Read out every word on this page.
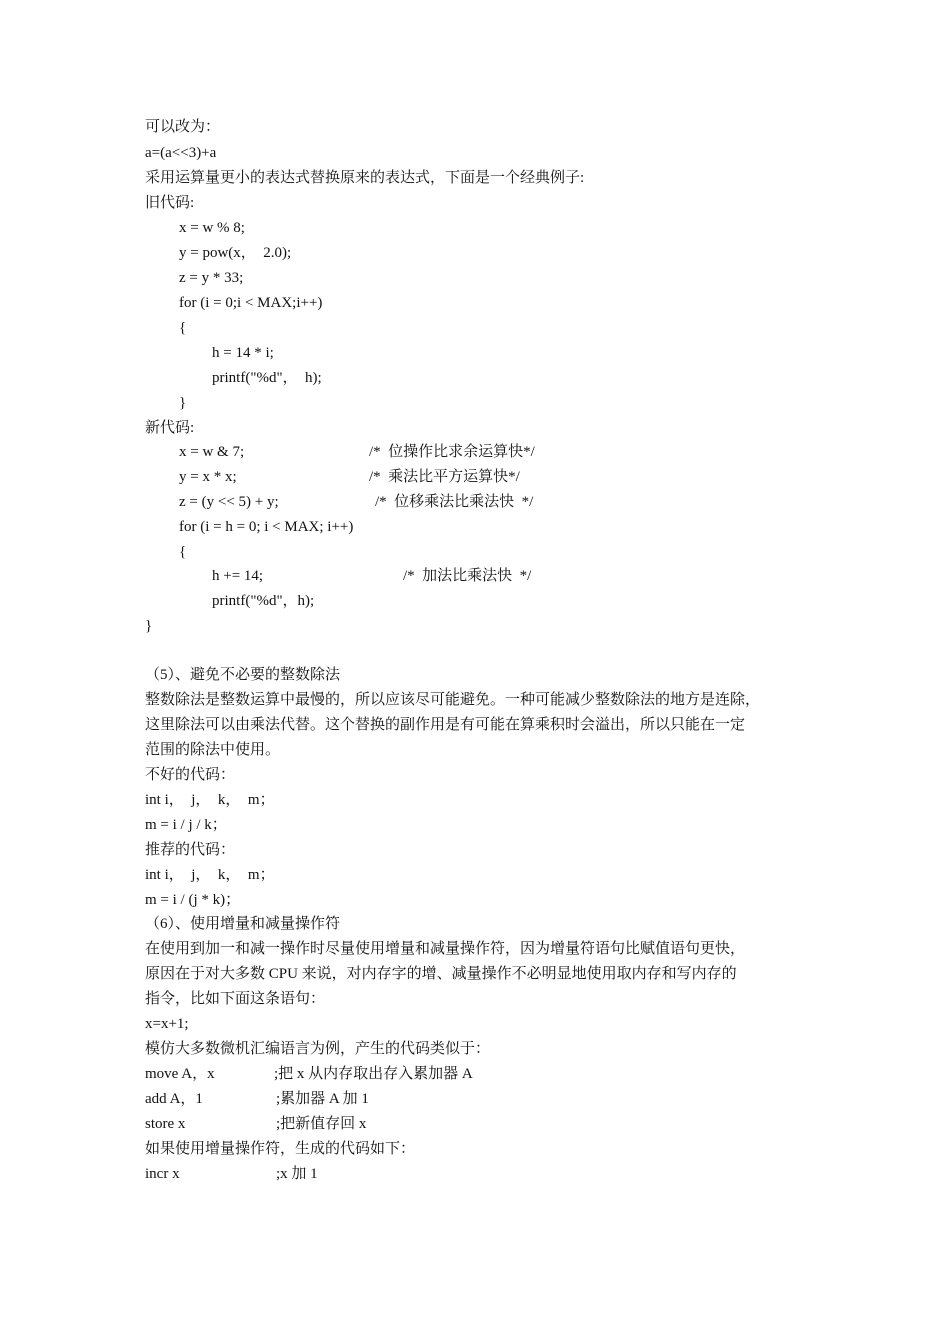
可以改为：
a=(a<<3)+a
采用运算量更小的表达式替换原来的表达式，下面是一个经典例子:
旧代码:
x = w % 8;
y = pow(x，  2.0);
z = y * 33;
for (i = 0;i < MAX;i++)
{
h = 14 * i;
printf("%d"，  h);
}
新代码:

x = w & 7;

	/*  位操作比求余运算快*/

y = x * x;

	/*  乘法比平方运算快*/

z = (y << 5) + y;

	/*  位移乘法比乘法快  */

for (i = h = 0; i < MAX; i++)
{

h += 14;

	/*  加法比乘法快  */

printf("%d"，h);
}
（5）、避免不必要的整数除法
整数除法是整数运算中最慢的，所以应该尽可能避免。一种可能减少整数除法的地方是连除，
这里除法可以由乘法代替。这个替换的副作用是有可能在算乘积时会溢出，所以只能在一定
范围的除法中使用。
不好的代码：
int i，  j，  k，  m；
m = i / j / k；
推荐的代码：
int i，  j，  k，  m；
m = i / (j * k)；
（6）、使用增量和减量操作符
在使用到加一和减一操作时尽量使用增量和减量操作符，因为增量符语句比赋值语句更快，
原因在于对大多数 CPU 来说，对内存字的增、减量操作不必明显地使用取内存和写内存的
指令，比如下面这条语句：
x=x+1;
模仿大多数微机汇编语言为例，产生的代码类似于：

move A，x

	;把 x 从内存取出存入累加器 A

add A，1

	;累加器 A 加 1

store x

	;把新值存回 x

如果使用增量操作符，生成的代码如下：

incr x

	;x 加 1
